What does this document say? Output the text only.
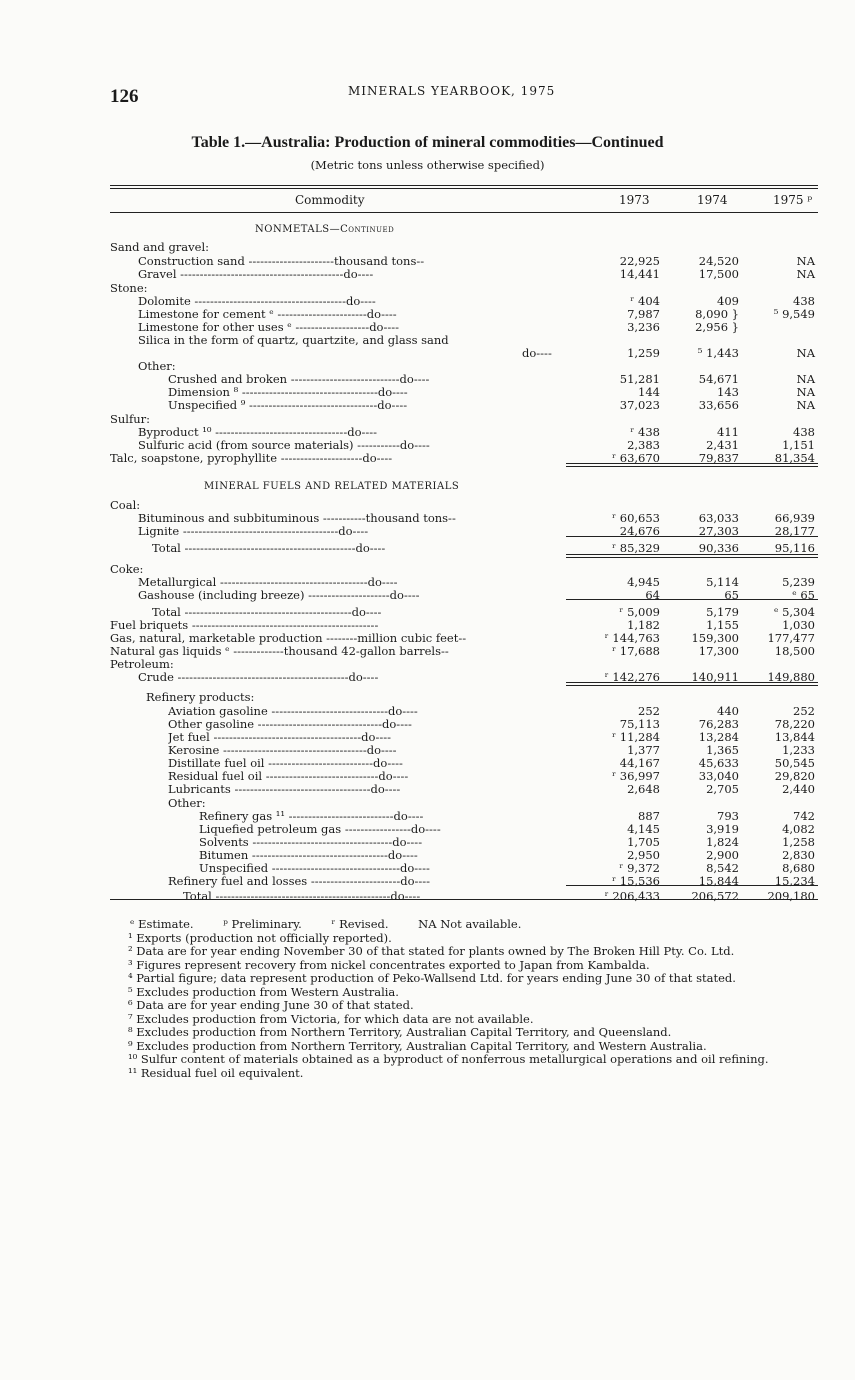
126	MINERALS YEARBOOK, 1975
Table 1.—Australia: Production of mineral commodities—Continued
(Metric tons unless otherwise specified)
Commodity	1973	1974	1975 ᵖ
NONMETALS—Continued
MINERAL FUELS AND RELATED MATERIALS
Sand and gravel:
Construction sand ----------------------thousand tons--	22,925	24,520	NA
Gravel ------------------------------------------do----	14,441	17,500	NA
Stone:
Dolomite ---------------------------------------do----	ʳ 404	409	438
Limestone for cement ᵉ -----------------------do----	7,987	8,090 }	⁵ 9,549
Limestone for other uses ᵉ -------------------do----	3,236	2,956 }
Silica in the form of quartz, quartzite, and glass sand
do----	1,259	⁵ 1,443	NA
Other:
Crushed and broken ----------------------------do----	51,281	54,671	NA
Dimension ⁸ -----------------------------------do----	144	143	NA
Unspecified ⁹ ---------------------------------do----	37,023	33,656	NA
Sulfur:
Byproduct ¹⁰ ----------------------------------do----	ʳ 438	411	438
Sulfuric acid (from source materials) -----------do----	2,383	2,431	1,151
Talc, soapstone, pyrophyllite ---------------------do----	ʳ 63,670	79,837	81,354
Coal:
Bituminous and subbituminous -----------thousand tons--	ʳ 60,653	63,033	66,939
Lignite ----------------------------------------do----	24,676	27,303	28,177
Total --------------------------------------------do----	ʳ 85,329	90,336	95,116
Coke:
Metallurgical --------------------------------------do----	4,945	5,114	5,239
Gashouse (including breeze) ---------------------do----	64	65	ᵉ 65
Total -------------------------------------------do----	ʳ 5,009	5,179	ᵉ 5,304
Fuel briquets ------------------------------------------------	1,182	1,155	1,030
Gas, natural, marketable production --------million cubic feet--	ʳ 144,763	159,300	177,477
Natural gas liquids ᵉ -------------thousand 42-gallon barrels--	ʳ 17,688	17,300	18,500
Petroleum:
Crude --------------------------------------------do----	ʳ 142,276	140,911	149,880
Refinery products:
Aviation gasoline ------------------------------do----	252	440	252
Other gasoline --------------------------------do----	75,113	76,283	78,220
Jet fuel --------------------------------------do----	ʳ 11,284	13,284	13,844
Kerosine -------------------------------------do----	1,377	1,365	1,233
Distillate fuel oil ---------------------------do----	44,167	45,633	50,545
Residual fuel oil -----------------------------do----	ʳ 36,997	33,040	29,820
Lubricants -----------------------------------do----	2,648	2,705	2,440
Other:
Refinery gas ¹¹ ---------------------------do----	887	793	742
Liquefied petroleum gas -----------------do----	4,145	3,919	4,082
Solvents ------------------------------------do----	1,705	1,824	1,258
Bitumen -----------------------------------do----	2,950	2,900	2,830
Unspecified ---------------------------------do----	ʳ 9,372	8,542	8,680
Refinery fuel and losses -----------------------do----	ʳ 15,536	15,844	15,234
Total ---------------------------------------------do----	ʳ 206,433	206,572	209,180
ᵉ Estimate.	ᵖ Preliminary.	ʳ Revised.	NA Not available.

¹ Exports (production not officially reported).

² Data are for year ending November 30 of that stated for plants owned by The Broken Hill Pty. Co. Ltd.

³ Figures represent recovery from nickel concentrates exported to Japan from Kambalda.

⁴ Partial figure; data represent production of Peko-Wallsend Ltd. for years ending June 30 of that stated.

⁵ Excludes production from Western Australia.

⁶ Data are for year ending June 30 of that stated.

⁷ Excludes production from Victoria, for which data are not available.

⁸ Excludes production from Northern Territory, Australian Capital Territory, and Queensland.

⁹ Excludes production from Northern Territory, Australian Capital Territory, and Western Australia.

¹⁰ Sulfur content of materials obtained as a byproduct of nonferrous metallurgical operations and oil refining.

¹¹ Residual fuel oil equivalent.
